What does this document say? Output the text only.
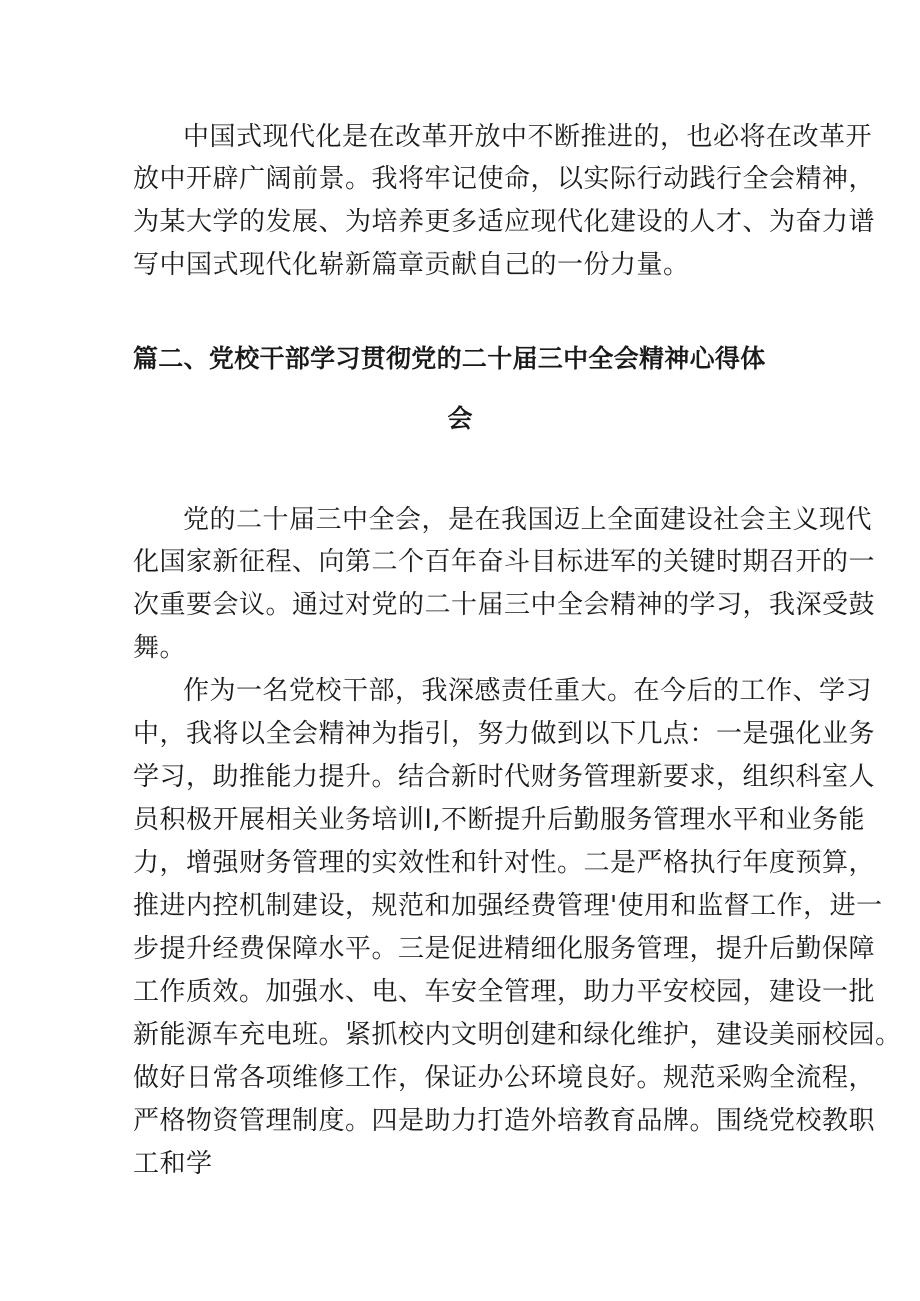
中国式现代化是在改革开放中不断推进的，也必将在改革开
放中开辟广阔前景。我将牢记使命，以实际行动践行全会精神，
为某大学的发展、为培养更多适应现代化建设的人才、为奋力谱
写中国式现代化崭新篇章贡献自己的一份力量。
篇二、党校干部学习贯彻党的二十届三中全会精神心得体
会
党的二十届三中全会，是在我国迈上全面建设社会主义现代
化国家新征程、向第二个百年奋斗目标进军的关键时期召开的一
次重要会议。通过对党的二十届三中全会精神的学习，我深受鼓
舞。
作为一名党校干部，我深感责任重大。在今后的工作、学习
中，我将以全会精神为指引，努力做到以下几点：一是强化业务
学习，助推能力提升。结合新时代财务管理新要求，组织科室人
员积极开展相关业务培训l,不断提升后勤服务管理水平和业务能
力，增强财务管理的实效性和针对性。二是严格执行年度预算，
推进内控机制建设，规范和加强经费管理'使用和监督工作，进一
步提升经费保障水平。三是促进精细化服务管理，提升后勤保障
工作质效。加强水、电、车安全管理，助力平安校园，建设一批
新能源车充电班。紧抓校内文明创建和绿化维护，建设美丽校园。
做好日常各项维修工作，保证办公环境良好。规范采购全流程，
严格物资管理制度。四是助力打造外培教育品牌。围绕党校教职
工和学
